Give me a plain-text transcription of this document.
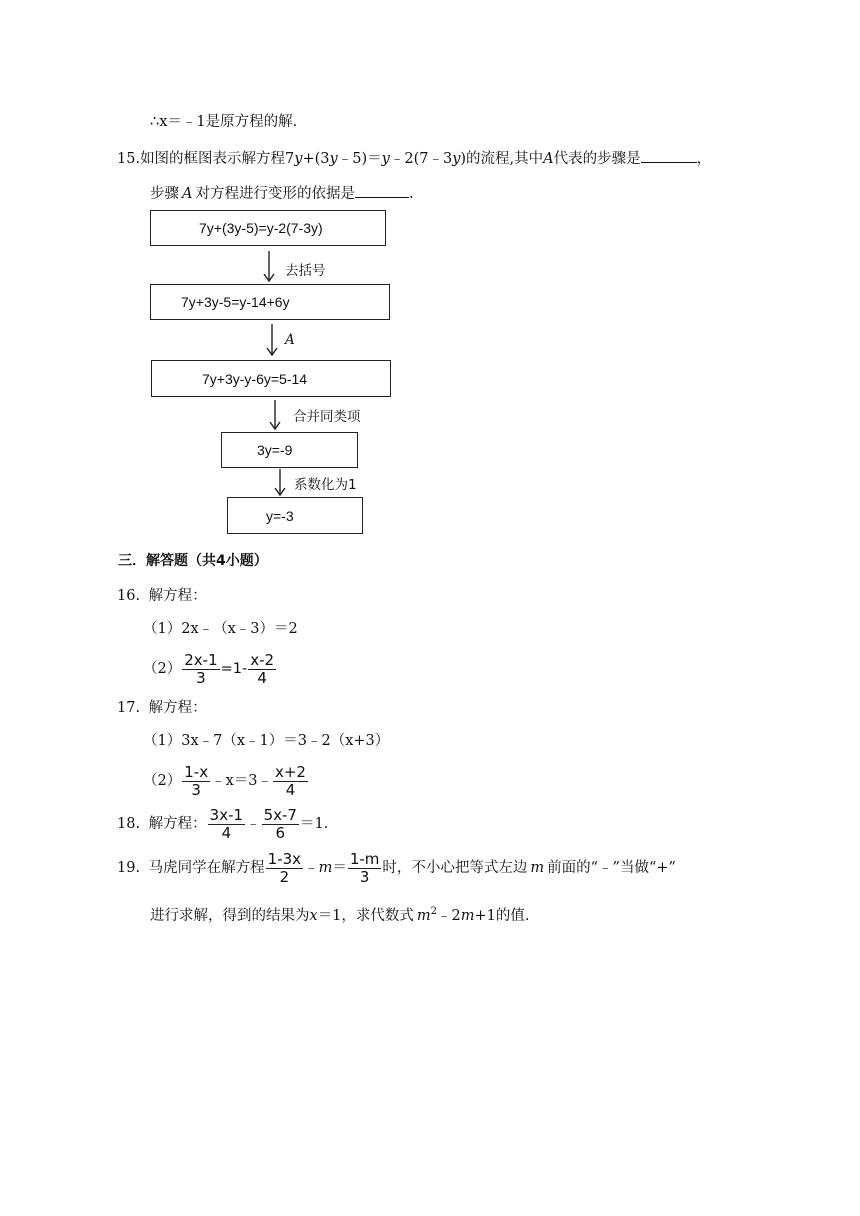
∴x＝﹣1是原方程的解.
15.如图的框图表示解方程7y+(3y﹣5)＝y﹣2(7﹣3y)的流程,其中A代表的步骤是	，
步骤 A 对方程进行变形的依据是	.
7y+(3y-5)=y-2(7-3y)
去括号
7y+3y-5=y-14+6y
A
7y+3y-y-6y=5-14
合并同类项
3y=-9
系数化为1
y=-3
三．解答题（共4小题）
16. 解方程：
（1）2x﹣（x﹣3）＝2
$(2) \frac{2x-1}{3} =1- \frac{x-2}{4}$
17. 解方程：
（1）3x﹣7（x﹣1）＝3﹣2（x+3）
$(2) \frac{1-x}{3}$ ﹣x＝3﹣ $\frac{x+2}{4}$
18. 解方程： $\frac{3x-1}{4}$ ﹣ $\frac{5x-7}{6} =1$.
19. 马虎同学在解方程 $\frac{1-3x}{2}$ ﹣m＝ $\frac{1-m}{3}$ 时，不小心把等式左边 m 前面的“﹣”当做“+”
进行求解，得到的结果为x＝1，求代数式 $m^2﹣2m+1$的值.
